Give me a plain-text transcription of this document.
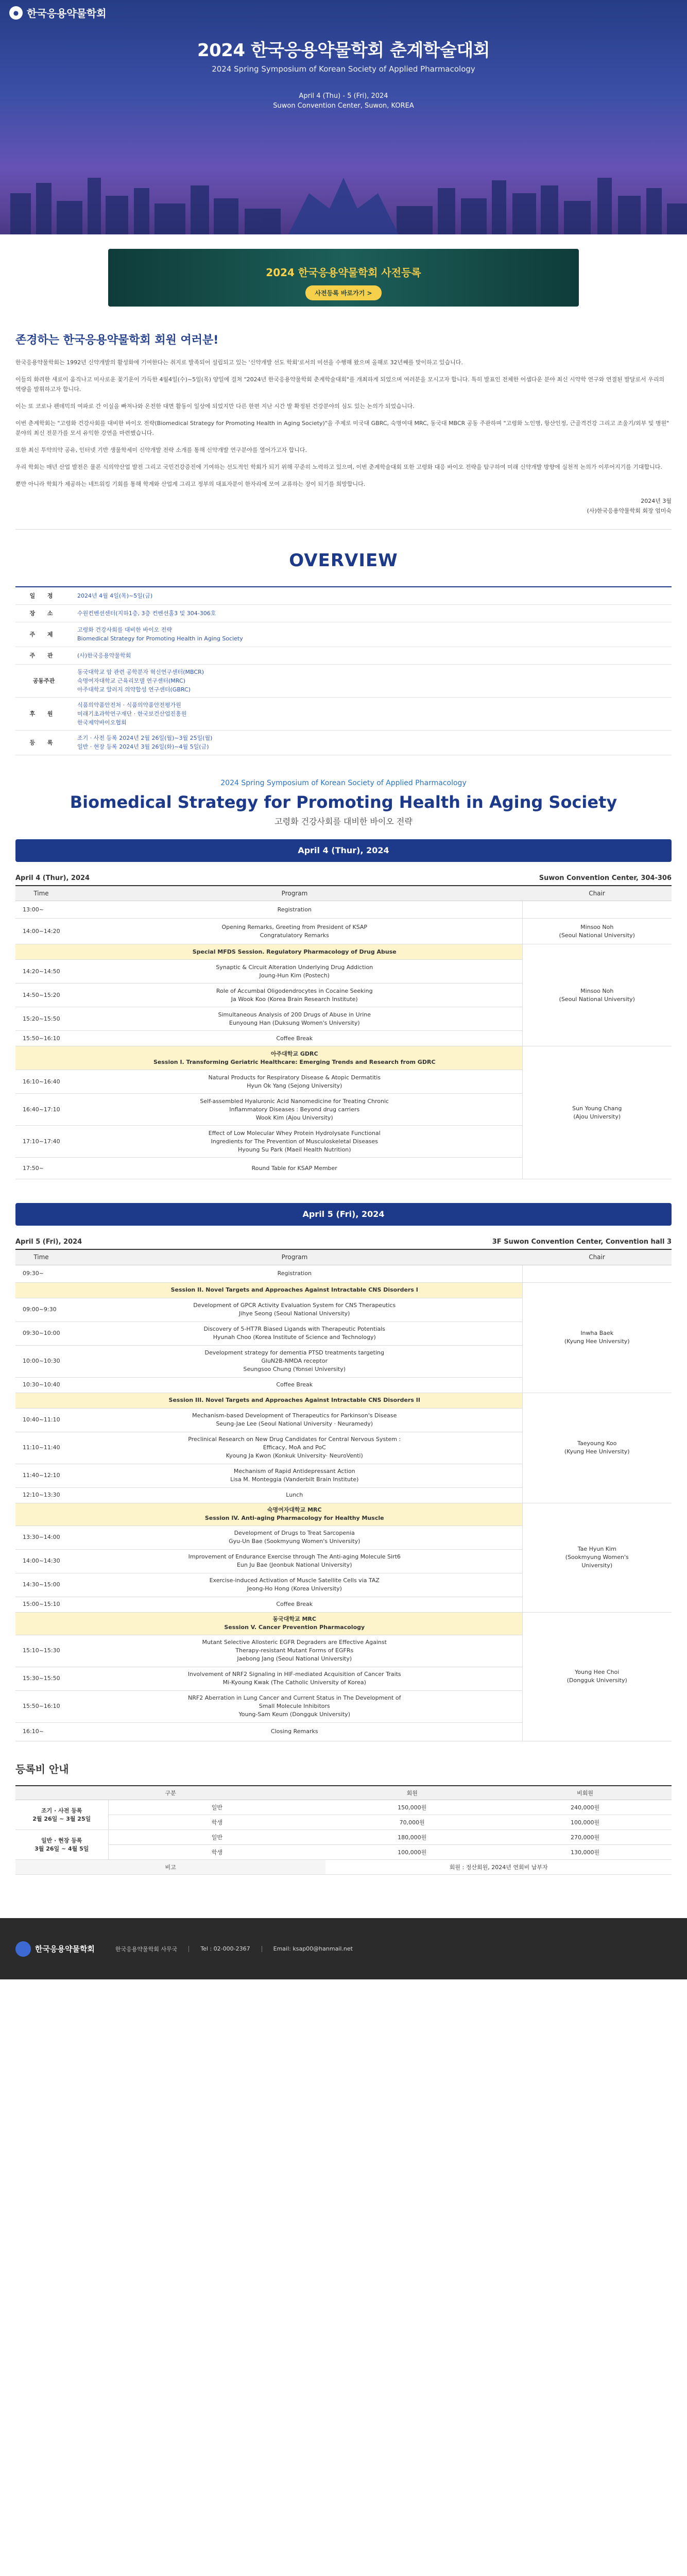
● 한국응용약물학회
2024 한국응용약물학회 춘계학술대회
2024 Spring Symposium of Korean Society of Applied Pharmacology
April 4 (Thu) - 5 (Fri), 2024
Suwon Convention Center, Suwon, KOREA
2024 한국응용약물학회 사전등록
사전등록 바로가기 >
존경하는 한국응용약물학회 회원 여러분!

한국응용약물학회는 1992년 신약개발의 활성화에 기여한다는 취지로 발족되어 설립되고 있는 '신약개발 선도 학회'로서의 미션을 수행해 왔으며 올해로 32년째를 맞이하고 있습니다.

이들의 화려한 새로이 움직나고 미사로운 꽃기운이 가득한 4월4일(수)~5일(목) 양일에 걸쳐 "2024년 한국응용약물학회 춘계학술대회"를 개최하게 되었으며 여러분을 모시고자 합니다. 특히 발표인 전체한 어셉다운 분야 최신 시약학 연구와 연결된 발달로서 우리의 역량을 발휘하고자 합니다.

이는 또 코로나 펜데믹의 여파로 간 이실을 빠져나와 온전한 대면 활동이 일상에 되었지만 다른 한편 지난 시간 발 확정된 건강분야의 심도 있는 논의가 되었습니다.

이번 춘계학회는 "고령화 건강사회를 대비한 바이오 전략(Biomedical Strategy for Promoting Health in Aging Society)"을 주제로 미국대 GBRC, 숙명여대 MRC, 동국대 MBCR 공동 주관하며 "고령화 노인병, 항산인정, 근골격건강 그리고 조울기/외부 및 병원" 분야의 최신 전문가를 모셔 유익한 강연을 마련했습니다.

또한 최신 투약의약 공유, 인터넷 기반 생물학세미 신약개발 전략 소개를 통해 신약개발 연구분야를 열어가고자 합니다.

우리 학회는 매년 산업 발전은 물론 식의약산업 발전 그리고 국민건강증진에 기여하는 선도적인 학회가 되기 위해 꾸준히 노력하고 있으며, 이번 춘계학술대회 또한 고령화 대응 바이오 전략을 탐구하여 미래 신약개발 방향에 실천적 논의가 이루어지기를 기대합니다.

뿐만 아니라 학회가 제공하는 네트워킹 기회를 통해 학계와 산업계 그리고 정부의 대표자분이 한자리에 모여 교류하는 장이 되기를 희망합니다.

2024년 3월
(사)한국응용약물학회 회장 엄미숙
OVERVIEW
일 정	2024년 4월 4일(목)~5일(금)
장 소	수원컨벤션센터(지하1층, 3층 컨벤션홀3 및 304-306호
주 제	고령화 건강사회를 대비한 바이오 전략
Biomedical Strategy for Promoting Health in Aging Society
주 관	(사)한국응용약물학회
공동주관	동국대학교 암 관련 공학분자 혁신연구센터(MBCR)
숙명여자대학교 근육리모델 연구센터(MRC)
아주대학교 알러지 의약합성 연구센터(GBRC)
후 원	식품의약품안전처 · 식품의약품안전평가원
미래기초과학연구재단 · 한국보건산업진흥원
한국제약바이오협회
등 록	조기 · 사전 등록 2024년 2월 26일(월)~3월 25일(월)
일반 · 현장 등록 2024년 3월 26일(화)~4월 5일(금)
2024 Spring Symposium of Korean Society of Applied Pharmacology
Biomedical Strategy for Promoting Health in Aging Society
고령화 건강사회를 대비한 바이오 전략
April 4 (Thur), 2024
April 4 (Thur), 2024	Suwon Convention Center, 304-306
Time	Program	Chair
13:00~	Registration	
14:00~14:20	Opening Remarks, Greeting from President of KSAP
Congratulatory Remarks	Minsoo Noh
(Seoul National University)
	Special MFDS Session. Regulatory Pharmacology of Drug Abuse	Minsoo Noh
(Seoul National University)
14:20~14:50	Synaptic & Circuit Alteration Underlying Drug Addiction
Joung-Hun Kim (Postech)	
14:50~15:20	Role of Accumbal Oligodendrocytes in Cocaine Seeking
Ja Wook Koo (Korea Brain Research Institute)	
15:20~15:50	Simultaneous Analysis of 200 Drugs of Abuse in Urine
Eunyoung Han (Duksung Women's University)	
15:50~16:10	Coffee Break	
	아주대학교 GDRC
Session I. Transforming Geriatric Healthcare: Emerging Trends and Research from GDRC	Sun Young Chang
(Ajou University)
16:10~16:40	Natural Products for Respiratory Disease & Atopic Dermatitis
Hyun Ok Yang (Sejong University)	
16:40~17:10	Self-assembled Hyaluronic Acid Nanomedicine for Treating Chronic
Inflammatory Diseases : Beyond drug carriers
Wook Kim (Ajou University)	
17:10~17:40	Effect of Low Molecular Whey Protein Hydrolysate Functional
Ingredients for The Prevention of Musculoskeletal Diseases
Hyoung Su Park (Maeil Health Nutrition)	
17:50~	Round Table for KSAP Member	
April 5 (Fri), 2024
April 5 (Fri), 2024	3F Suwon Convention Center, Convention hall 3
Time	Program	Chair
09:30~	Registration	
	Session II. Novel Targets and Approaches Against Intractable CNS Disorders I	Inwha Baek
(Kyung Hee University)
09:00~9:30	Development of GPCR Activity Evaluation System for CNS Therapeutics
Jihye Seong (Seoul National University)	
09:30~10:00	Discovery of 5-HT7R Biased Ligands with Therapeutic Potentials
Hyunah Choo (Korea Institute of Science and Technology)	
10:00~10:30	Development strategy for dementia PTSD treatments targeting
GluN2B-NMDA receptor
Seungsoo Chung (Yonsei University)	
10:30~10:40	Coffee Break	
	Session III. Novel Targets and Approaches Against Intractable CNS Disorders II	Taeyoung Koo
(Kyung Hee University)
10:40~11:10	Mechanism-based Development of Therapeutics for Parkinson's Disease
Seung-Jae Lee (Seoul National University · Neuramedy)	
11:10~11:40	Preclinical Research on New Drug Candidates for Central Nervous System :
Efficacy, MoA and PoC
Kyoung Ja Kwon (Konkuk University· NeuroVenti)	
11:40~12:10	Mechanism of Rapid Antidepressant Action
Lisa M. Monteggia (Vanderbilt Brain Institute)	
12:10~13:30	Lunch	
	숙명여자대학교 MRC
Session IV. Anti-aging Pharmacology for Healthy Muscle	Tae Hyun Kim
(Sookmyung Women's
University)
13:30~14:00	Development of Drugs to Treat Sarcopenia
Gyu-Un Bae (Sookmyung Women's University)	
14:00~14:30	Improvement of Endurance Exercise through The Anti-aging Molecule Sirt6
Eun Ju Bae (Jeonbuk National University)	
14:30~15:00	Exercise-induced Activation of Muscle Satellite Cells via TAZ
Jeong-Ho Hong (Korea University)	
15:00~15:10	Coffee Break	
	동국대학교 MRC
Session V. Cancer Prevention Pharmacology	Young Hee Choi
(Dongguk University)
15:10~15:30	Mutant Selective Allosteric EGFR Degraders are Effective Against
Therapy-resistant Mutant Forms of EGFRs
Jaebong Jang (Seoul National University)	
15:30~15:50	Involvement of NRF2 Signaling in HIF-mediated Acquisition of Cancer Traits
Mi-Kyoung Kwak (The Catholic University of Korea)	
15:50~16:10	NRF2 Aberration in Lung Cancer and Current Status in The Development of
Small Molecule Inhibitors
Young-Sam Keum (Dongguk University)	
16:10~	Closing Remarks	
등록비 안내
구분		회원	비회원
조기 · 사전 등록
2월 26일 ~ 3월 25일	일반	150,000원	240,000원
	학생	70,000원	100,000원
일반 · 현장 등록
3월 26일 ~ 4월 5일	일반	180,000원	270,000원
	학생	100,000원	130,000원
비고		회원 : 정산회원, 2024년 연회비 납부자	
한국응용약물학회	한국응용약물학회 사무국	Tel : 02-000-2367	Email: ksap00@hanmail.net
